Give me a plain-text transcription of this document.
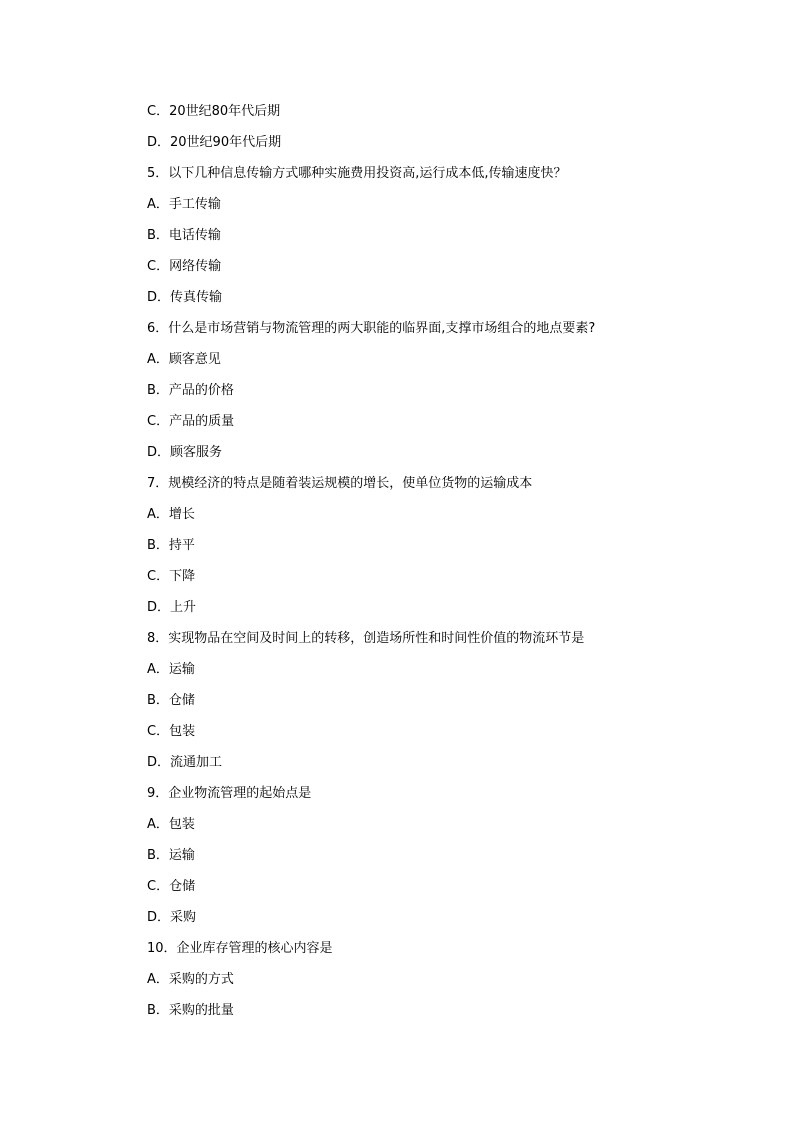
C．20世纪80年代后期
D．20世纪90年代后期
5．以下几种信息传输方式哪种实施费用投资高,运行成本低,传输速度快？
A．手工传输
B．电话传输
C．网络传输
D．传真传输
6．什么是市场营销与物流管理的两大职能的临界面,支撑市场组合的地点要素?
A．顾客意见
B．产品的价格
C．产品的质量
D．顾客服务
7．规模经济的特点是随着装运规模的增长，使单位货物的运输成本
A．增长
B．持平
C．下降
D．上升
8．实现物品在空间及时间上的转移，创造场所性和时间性价值的物流环节是
A．运输
B．仓储
C．包装
D．流通加工
9．企业物流管理的起始点是
A．包装
B．运输
C．仓储
D．采购
10．企业库存管理的核心内容是
A．采购的方式
B．采购的批量
